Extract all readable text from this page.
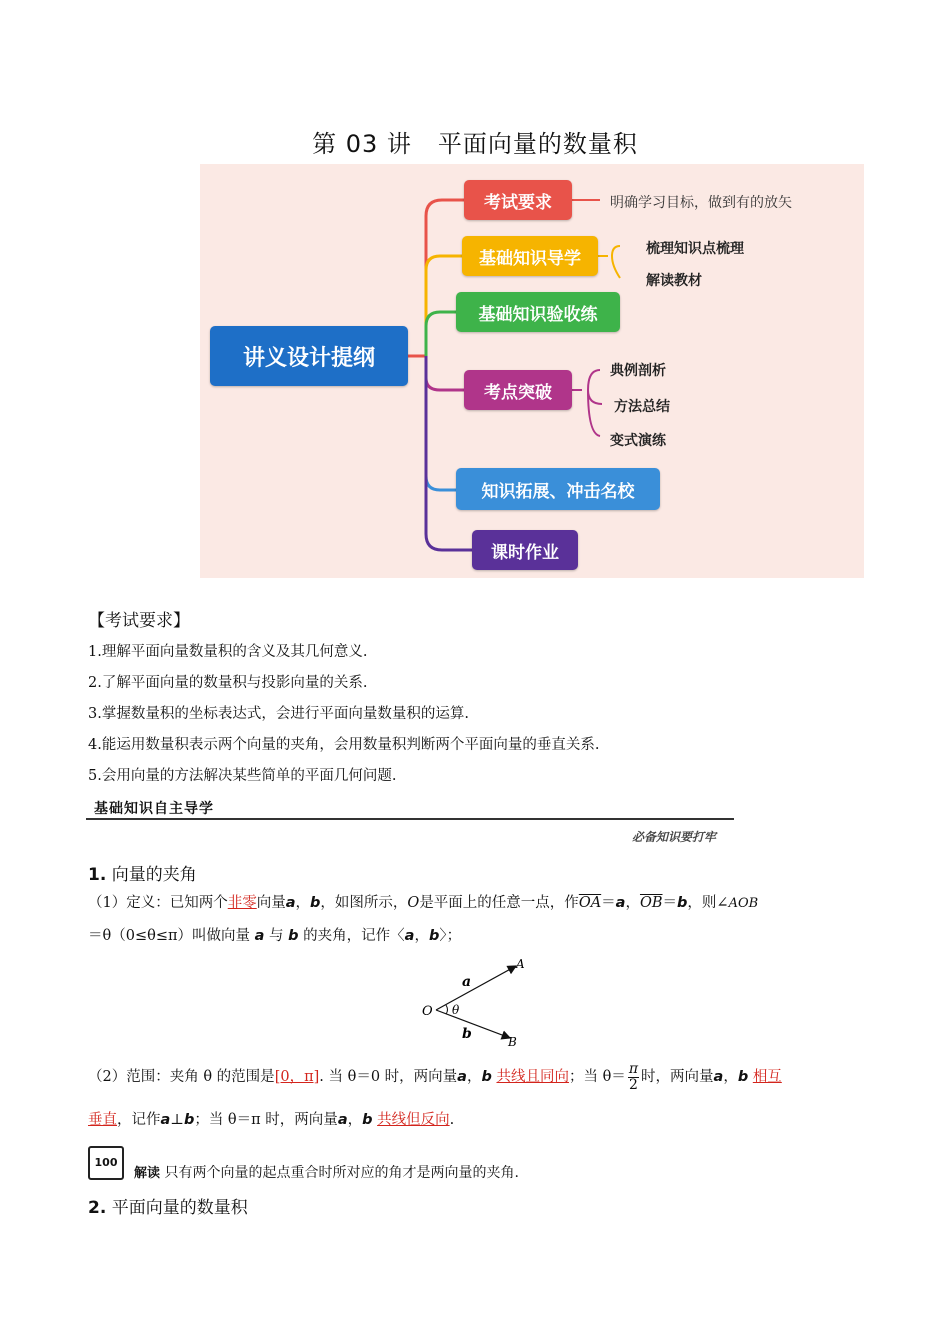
第 03 讲 平面向量的数量积
讲义设计提纲
考试要求	明确学习目标，做到有的放矢
基础知识导学	梳理知识点梳理
解读教材
基础知识验收练
考点突破
典例剖析
方法总结
变式演练
知识拓展、冲击名校
课时作业
【考试要求】
1.理解平面向量数量积的含义及其几何意义.
2.了解平面向量的数量积与投影向量的关系.
3.掌握数量积的坐标表达式，会进行平面向量数量积的运算.
4.能运用数量积表示两个向量的夹角，会用数量积判断两个平面向量的垂直关系.
5.会用向量的方法解决某些简单的平面几何问题.
基础知识自主导学
必备知识要打牢
1. 向量的夹角
（1）定义：已知两个非零向量a，b，如图所示，O是平面上的任意一点，作$\overline{OA}=a$，$\overline{OB}=b$，则∠AOB
＝θ（0≤θ≤π）叫做向量 a 与 b 的夹角，记作〈a，b〉；
O θ
a
b
A
B
（2）范围：夹角 θ 的范围是[0，π]. 当 θ＝0 时，两向量a，b 共线且同向；当 $\theta= \frac{\pi}{2}$ 时，两向量a，b 相互
垂直，记作a⊥b；当 θ＝π 时，两向量a，b 共线但反向.
100
解读 只有两个向量的起点重合时所对应的角才是两向量的夹角.
2. 平面向量的数量积
